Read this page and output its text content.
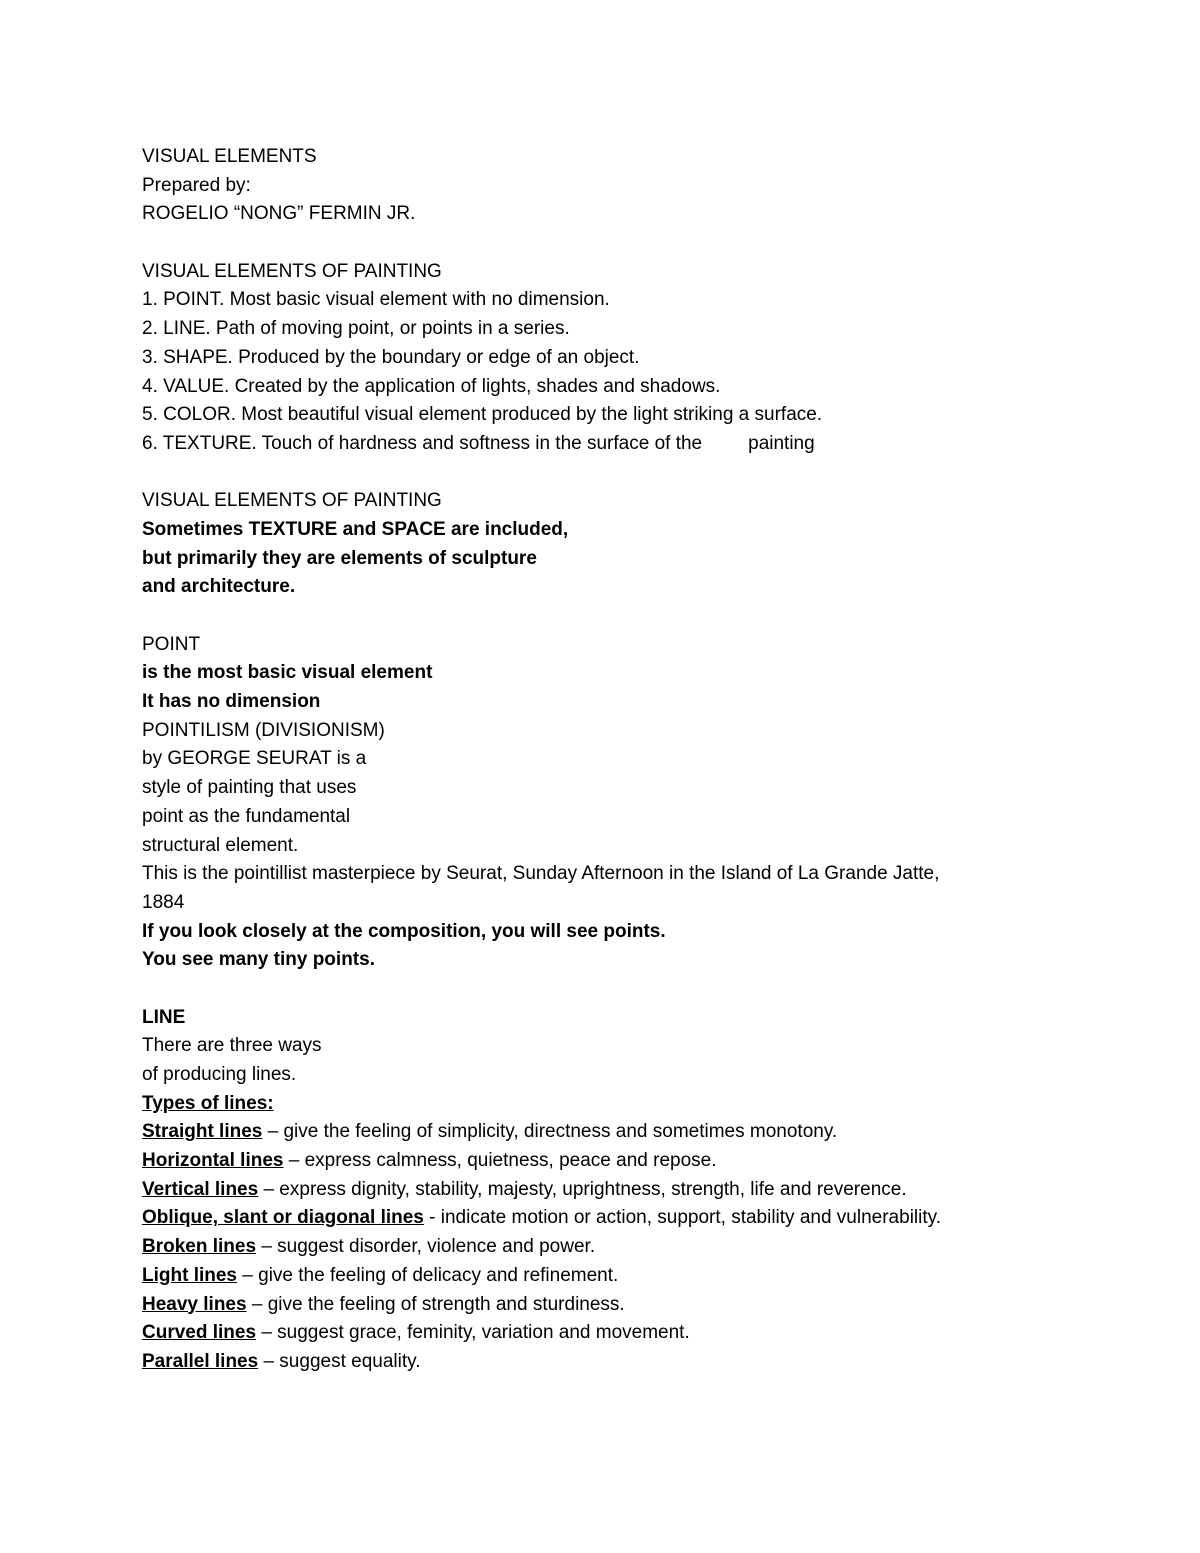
VISUAL ELEMENTS
Prepared by:
ROGELIO “NONG” FERMIN JR.
VISUAL ELEMENTS OF PAINTING
1. POINT. Most basic visual element with no dimension.
2. LINE. Path of moving point, or points in a series.
3. SHAPE. Produced by the boundary or edge of an object.
4. VALUE. Created by the application of lights, shades and shadows.
5. COLOR. Most beautiful visual element produced by the light striking a surface.
6. TEXTURE. Touch of hardness and softness in the surface of the painting
VISUAL ELEMENTS OF PAINTING
Sometimes TEXTURE and SPACE are included,
but primarily they are elements of sculpture
and architecture.
POINT
is the most basic visual element
It has no dimension
POINTILISM (DIVISIONISM)
by GEORGE SEURAT is a
style of painting that uses
point as the fundamental
structural element.
This is the pointillist masterpiece by Seurat, Sunday Afternoon in the Island of La Grande Jatte,
1884
If you look closely at the composition, you will see points.
You see many tiny points.
LINE
There are three ways
of producing lines.
Types of lines:
Straight lines – give the feeling of simplicity, directness and sometimes monotony.
Horizontal lines – express calmness, quietness, peace and repose.
Vertical lines – express dignity, stability, majesty, uprightness, strength, life and reverence.
Oblique, slant or diagonal lines - indicate motion or action, support, stability and vulnerability.
Broken lines – suggest disorder, violence and power.
Light lines – give the feeling of delicacy and refinement.
Heavy lines – give the feeling of strength and sturdiness.
Curved lines – suggest grace, feminity, variation and movement.
Parallel lines – suggest equality.
